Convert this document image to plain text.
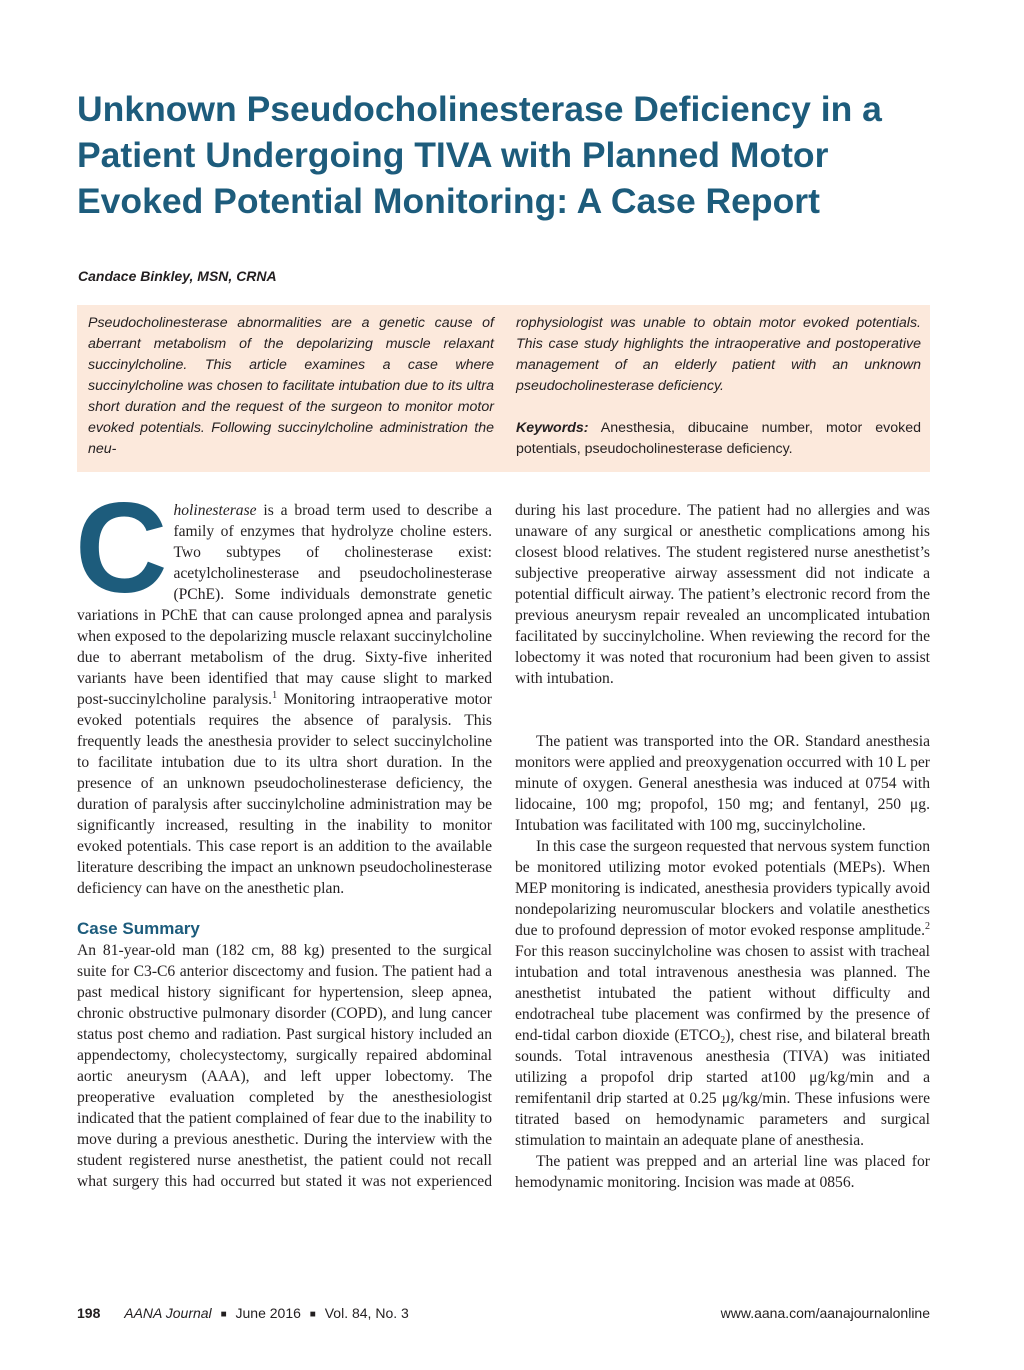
Unknown Pseudocholinesterase Deficiency in a Patient Undergoing TIVA with Planned Motor Evoked Potential Monitoring: A Case Report
Candace Binkley, MSN, CRNA

Pseudocholinesterase abnormalities are a genetic cause of aberrant metabolism of the depolarizing muscle relaxant succinylcholine. This article examines a case where succinylcholine was chosen to facilitate intubation due to its ultra short duration and the request of the surgeon to monitor motor evoked potentials. Following succinylcholine administration the neu-

rophysiologist was unable to obtain motor evoked potentials. This case study highlights the intraoperative and postoperative management of an elderly patient with an unknown pseudocholinesterase deficiency.

Keywords: Anesthesia, dibucaine number, motor evoked potentials, pseudocholinesterase deficiency.

Cholinesterase is a broad term used to describe a family of enzymes that hydrolyze choline esters. Two subtypes of cholinesterase exist: acetylcholinesterase and pseudocholinesterase (PChE). Some individuals demonstrate genetic variations in PChE that can cause prolonged apnea and paralysis when exposed to the depolarizing muscle relaxant succinylcholine due to aberrant metabolism of the drug. Sixty-five inherited variants have been identified that may cause slight to marked post-succinylcholine paralysis.$^1$ Monitoring intraoperative motor evoked potentials requires the absence of paralysis. This frequently leads the anesthesia provider to select succinylcholine to facilitate intubation due to its ultra short duration. In the presence of an unknown pseudocholinesterase deficiency, the duration of paralysis after succinylcholine administration may be significantly increased, resulting in the inability to monitor evoked potentials. This case report is an addition to the available literature describing the impact an unknown pseudocholinesterase deficiency can have on the anesthetic plan.

Case Summary

An 81-year-old man (182 cm, 88 kg) presented to the surgical suite for C3-C6 anterior discectomy and fusion. The patient had a past medical history significant for hypertension, sleep apnea, chronic obstructive pulmonary disorder (COPD), and lung cancer status post chemo and radiation. Past surgical history included an appendectomy, cholecystectomy, surgically repaired abdominal aortic aneurysm (AAA), and left upper lobectomy. The preoperative evaluation completed by the anesthesiologist indicated that the patient complained of fear due to the inability to move during a previous anesthetic. During the interview with the student registered nurse anesthetist, the patient could not recall what surgery this had occurred but stated it was not experienced

during his last procedure. The patient had no allergies and was unaware of any surgical or anesthetic complications among his closest blood relatives. The student registered nurse anesthetist’s subjective preoperative airway assessment did not indicate a potential difficult airway. The patient’s electronic record from the previous aneurysm repair revealed an uncomplicated intubation facilitated by succinylcholine. When reviewing the record for the lobectomy it was noted that rocuronium had been given to assist with intubation.

The patient was transported into the OR. Standard anesthesia monitors were applied and preoxygenation occurred with 10 L per minute of oxygen. General anesthesia was induced at 0754 with lidocaine, 100 mg; propofol, 150 mg; and fentanyl, 250 μg. Intubation was facilitated with 100 mg, succinylcholine.

In this case the surgeon requested that nervous system function be monitored utilizing motor evoked potentials (MEPs). When MEP monitoring is indicated, anesthesia providers typically avoid nondepolarizing neuromuscular blockers and volatile anesthetics due to profound depression of motor evoked response amplitude.$^2$ For this reason succinylcholine was chosen to assist with tracheal intubation and total intravenous anesthesia was planned. The anesthetist intubated the patient without difficulty and endotracheal tube placement was confirmed by the presence of end-tidal carbon dioxide $(ETCO_2)$, chest rise, and bilateral breath sounds. Total intravenous anesthesia (TIVA) was initiated utilizing a propofol drip started at100 μg/kg/min and a remifentanil drip started at 0.25 μg/kg/min. These infusions were titrated based on hemodynamic parameters and surgical stimulation to maintain an adequate plane of anesthesia.

The patient was prepped and an arterial line was placed for hemodynamic monitoring. Incision was made at 0856.

198 AANA Journal ■ June 2016 ■ Vol. 84, No. 3	www.aana.com/aanajournalonline
